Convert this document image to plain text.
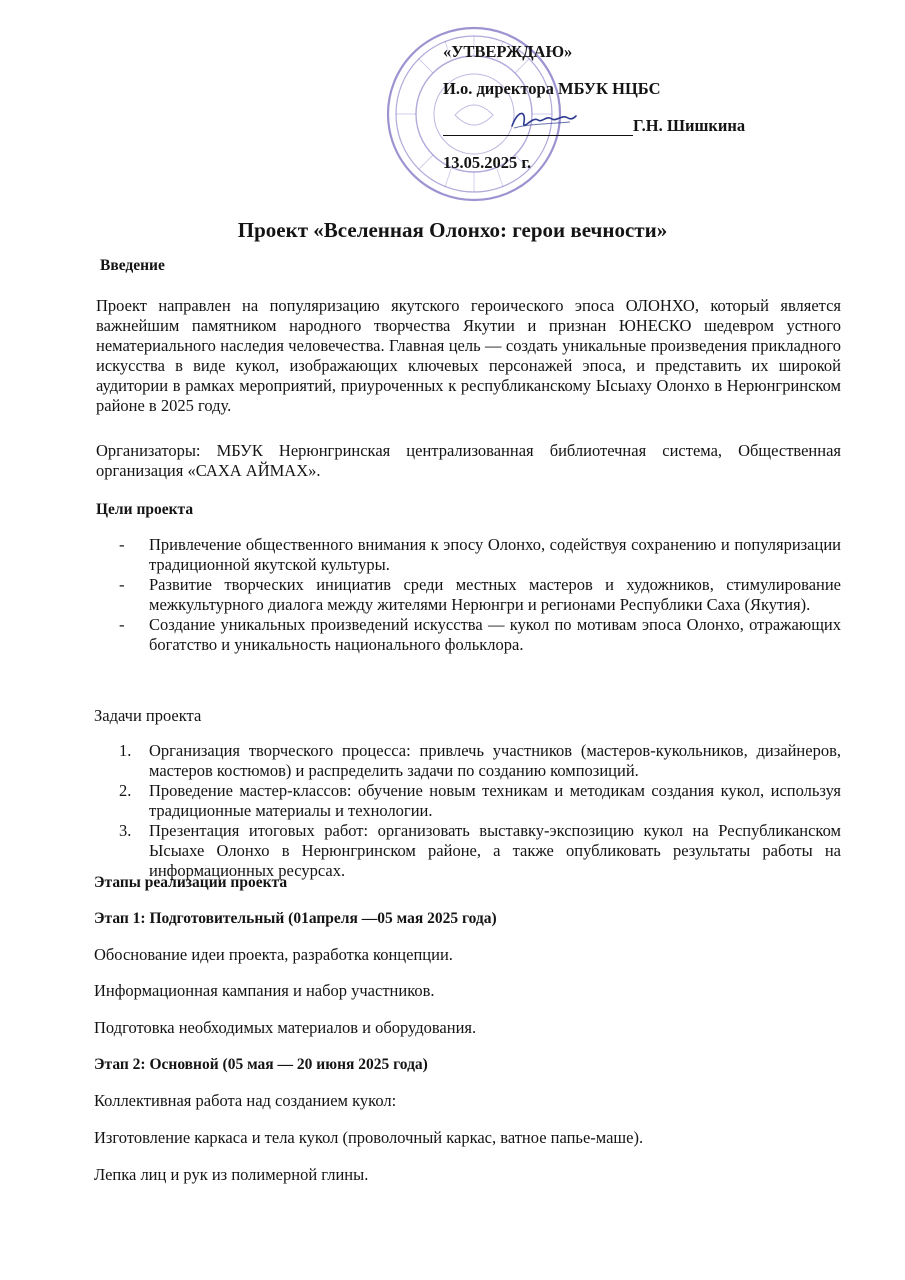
«УТВЕРЖДАЮ»
И.о. директора МБУК НЦБС
Г.Н. Шишкина
13.05.2025 г.
Проект «Вселенная Олонхо: герои вечности»
Введение
Проект направлен на популяризацию якутского героического эпоса ОЛОНХО, который является важнейшим памятником народного творчества Якутии и признан ЮНЕСКО шедевром устного нематериального наследия человечества. Главная цель — создать уникальные произведения прикладного искусства в виде кукол, изображающих ключевых персонажей эпоса, и представить их широкой аудитории в рамках мероприятий, приуроченных к республиканскому Ысыаху Олонхо в Нерюнгринском районе в 2025 году.
Организаторы: МБУК Нерюнгринская централизованная библиотечная система, Общественная организация «САХА АЙМАХ».
Цели проекта
- Привлечение общественного внимания к эпосу Олонхо, содействуя сохранению и популяризации традиционной якутской культуры.
- Развитие творческих инициатив среди местных мастеров и художников, стимулирование межкультурного диалога между жителями Нерюнгри и регионами Республики Саха (Якутия).
- Создание уникальных произведений искусства — кукол по мотивам эпоса Олонхо, отражающих богатство и уникальность национального фольклора.
Задачи проекта
1. Организация творческого процесса: привлечь участников (мастеров-кукольников, дизайнеров, мастеров костюмов) и распределить задачи по созданию композиций.
2. Проведение мастер-классов: обучение новым техникам и методикам создания кукол, используя традиционные материалы и технологии.
3. Презентация итоговых работ: организовать выставку-экспозицию кукол на Республиканском Ысыахе Олонхо в Нерюнгринском районе, а также опубликовать результаты работы на информационных ресурсах.
Этапы реализации проекта
Этап 1: Подготовительный (01апреля —05 мая 2025 года)
Обоснование идеи проекта, разработка концепции.
Информационная кампания и набор участников.
Подготовка необходимых материалов и оборудования.
Этап 2: Основной (05 мая — 20 июня 2025 года)
Коллективная работа над созданием кукол:
Изготовление каркаса и тела кукол (проволочный каркас, ватное папье-маше).
Лепка лиц и рук из полимерной глины.
